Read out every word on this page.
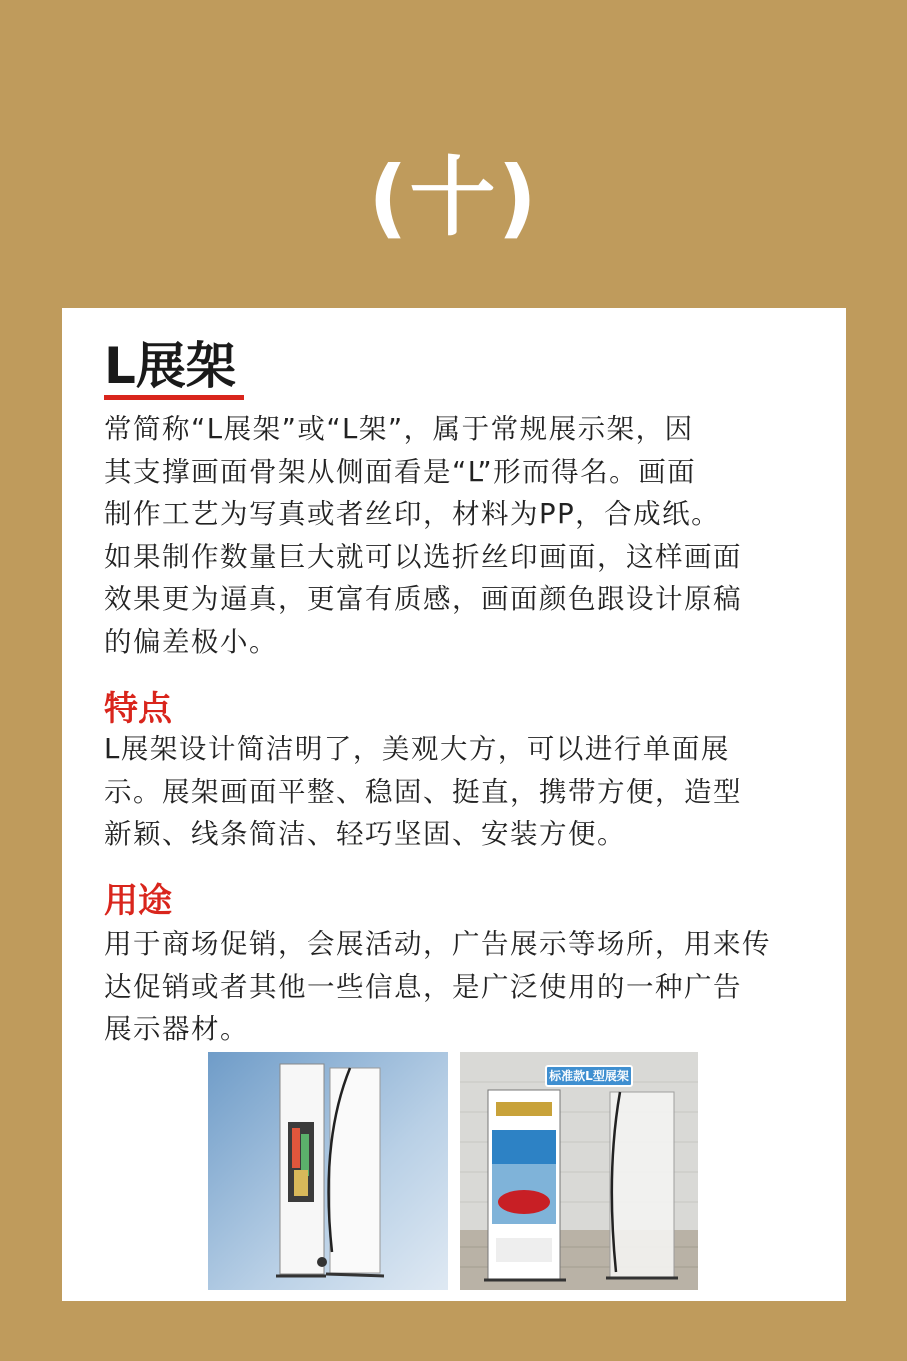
(十)
L展架
常简称“L展架”或“L架”，属于常规展示架，因
其支撑画面骨架从侧面看是“L”形而得名。画面
制作工艺为写真或者丝印，材料为PP，合成纸。
如果制作数量巨大就可以选折丝印画面，这样画面
效果更为逼真，更富有质感，画面颜色跟设计原稿
的偏差极小。
特点
L展架设计简洁明了，美观大方，可以进行单面展
示。展架画面平整、稳固、挺直，携带方便，造型
新颖、线条简洁、轻巧坚固、安装方便。
用途
用于商场促销，会展活动，广告展示等场所，用来传
达促销或者其他一些信息，是广泛使用的一种广告
展示器材。
标准款L型展架
